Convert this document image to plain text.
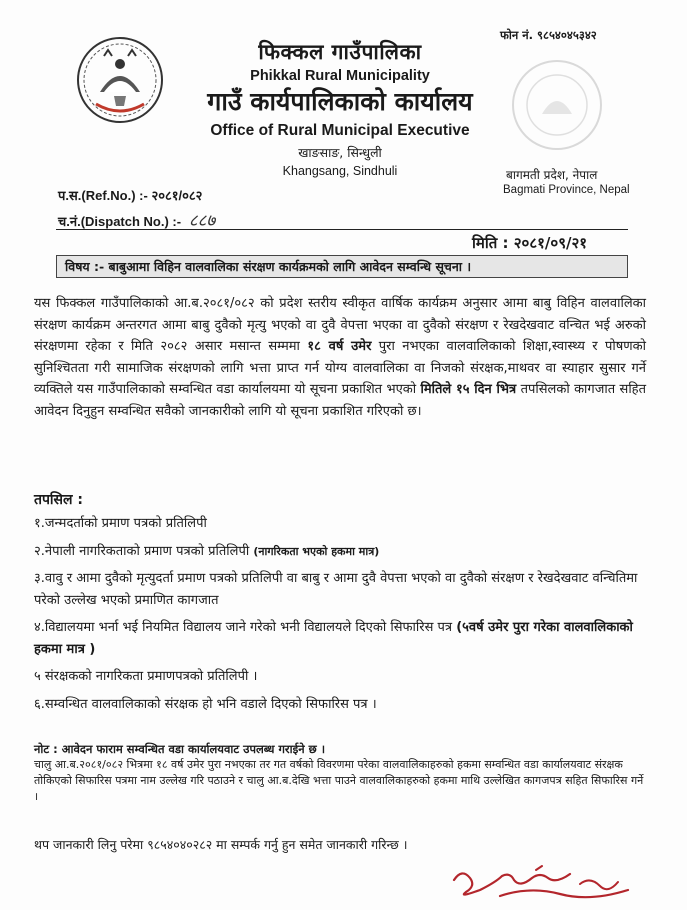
फिक्कल गाउँपालिका
Phikkal Rural Municipality
गाउँ कार्यपालिकाको कार्यालय
Office of Rural Municipal Executive
खाङसाङ, सिन्धुली
Khangsang, Sindhuli
फोन नं. ९८५४०४५३४२
बागमती प्रदेश, नेपाल
Bagmati Province, Nepal
प.स.(Ref.No.) :- २०८१/०८२
च.नं.(Dispatch No.) :- ८८७
मिति : २०८१/०९/२१
विषय :- बाबुआमा विहिन वालवालिका संरक्षण कार्यक्रमको लागि आवेदन सम्वन्धि सूचना ।
यस फिक्कल गाउँपालिकाको आ.ब.२०८१/०८२ को प्रदेश स्तरीय स्वीकृत वार्षिक कार्यक्रम अनुसार आमा बाबु विहिन वालवालिका संरक्षण कार्यक्रम अन्तरगत आमा बाबु दुवैको मृत्यु भएको वा दुवै वेपत्ता भएका वा दुवैको संरक्षण र रेखदेखवाट वन्चित भई अरुको संरक्षणमा रहेका र मिति २०८२ असार मसान्त सम्ममा १८ वर्ष उमेर पुरा नभएका वालवालिकाको शिक्षा,स्वास्थ्य र पोषणको सुनिश्चितता गरी सामाजिक संरक्षणको लागि भत्ता प्राप्त गर्न योग्य वालवालिका वा निजको संरक्षक,माथवर वा स्याहार सुसार गर्ने व्यक्तिले यस गाउँपालिकाको सम्वन्धित वडा कार्यालयमा यो सूचना प्रकाशित भएको मितिले १५ दिन भित्र तपसिलको कागजात सहित आवेदन दिनुहुन सम्वन्धित सवैको जानकारीको लागि यो सूचना प्रकाशित गरिएको छ।
तपसिल :
१.जन्मदर्ताको प्रमाण पत्रको प्रतिलिपी
२.नेपाली नागरिकताको प्रमाण पत्रको प्रतिलिपी (नागरिकता भएको हकमा मात्र)
३.वावु र आमा दुवैको मृत्युदर्ता प्रमाण पत्रको प्रतिलिपी वा बाबु र आमा दुवै वेपत्ता भएको वा दुवैको संरक्षण र रेखदेखवाट वन्चितिमा परेको उल्लेख भएको प्रमाणित कागजात
४.विद्यालयमा भर्ना भई नियमित विद्यालय जाने गरेको भनी विद्यालयले दिएको सिफारिस पत्र (५वर्ष उमेर पुरा गरेका वालवालिकाको हकमा मात्र )
५ संरक्षकको नागरिकता प्रमाणपत्रको प्रतिलिपी ।
६.सम्वन्धित वालवालिकाको संरक्षक हो भनि वडाले दिएको सिफारिस पत्र ।
नोट : आवेदन फाराम सम्वन्धित वडा कार्यालयवाट उपलब्ध गराईने छ ।
चालु आ.ब.२०८१/०८२ भित्रमा १८ वर्ष उमेर पुरा नभएका तर गत वर्षको विवरणमा परेका वालवालिकाहरुको हकमा सम्वन्धित वडा कार्यालयवाट संरक्षक तोकिएको सिफारिस पत्रमा नाम उल्लेख गरि पठाउने र चालु आ.ब.देखि भत्ता पाउने वालवालिकाहरुको हकमा माथि उल्लेखित कागजपत्र सहित सिफारिस गर्ने ।
थप जानकारी लिनु परेमा ९८५४०४०२८२ मा सम्पर्क गर्नु हुन समेत जानकारी गरिन्छ ।
